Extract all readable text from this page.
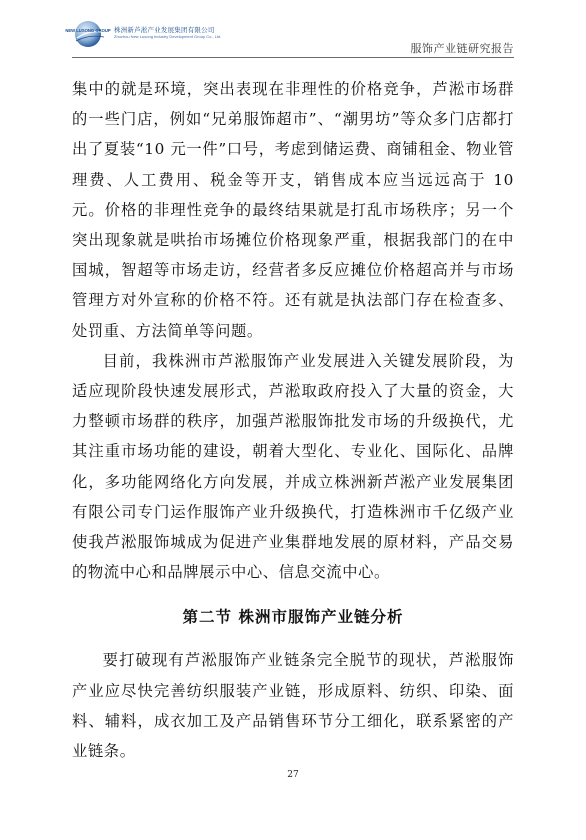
NEW LUSONG GROUP 株洲新芦淞产业发展集团有限公司
Zhuzhou New Lusong Industry Development Group Co., Ltd.
服饰产业链研究报告

集中的就是环境，突出表现在非理性的价格竞争，芦淞市场群的一些门店，例如“兄弟服饰超市”、“潮男坊”等众多门店都打出了夏装“10 元一件”口号，考虑到储运费、商铺租金、物业管理费、人工费用、税金等开支，销售成本应当远远高于 10 元。价格的非理性竞争的最终结果就是打乱市场秩序；另一个突出现象就是哄抬市场摊位价格现象严重，根据我部门的在中国城，智超等市场走访，经营者多反应摊位价格超高并与市场管理方对外宣称的价格不符。还有就是执法部门存在检查多、处罚重、方法简单等问题。

目前，我株洲市芦淞服饰产业发展进入关键发展阶段，为适应现阶段快速发展形式，芦淞取政府投入了大量的资金，大力整顿市场群的秩序，加强芦淞服饰批发市场的升级换代，尤其注重市场功能的建设，朝着大型化、专业化、国际化、品牌化，多功能网络化方向发展，并成立株洲新芦淞产业发展集团有限公司专门运作服饰产业升级换代，打造株洲市千亿级产业使我芦淞服饰城成为促进产业集群地发展的原材料，产品交易的物流中心和品牌展示中心、信息交流中心。

第二节 株洲市服饰产业链分析

要打破现有芦淞服饰产业链条完全脱节的现状，芦淞服饰产业应尽快完善纺织服装产业链，形成原料、纺织、印染、面料、辅料，成衣加工及产品销售环节分工细化，联系紧密的产业链条。

27
